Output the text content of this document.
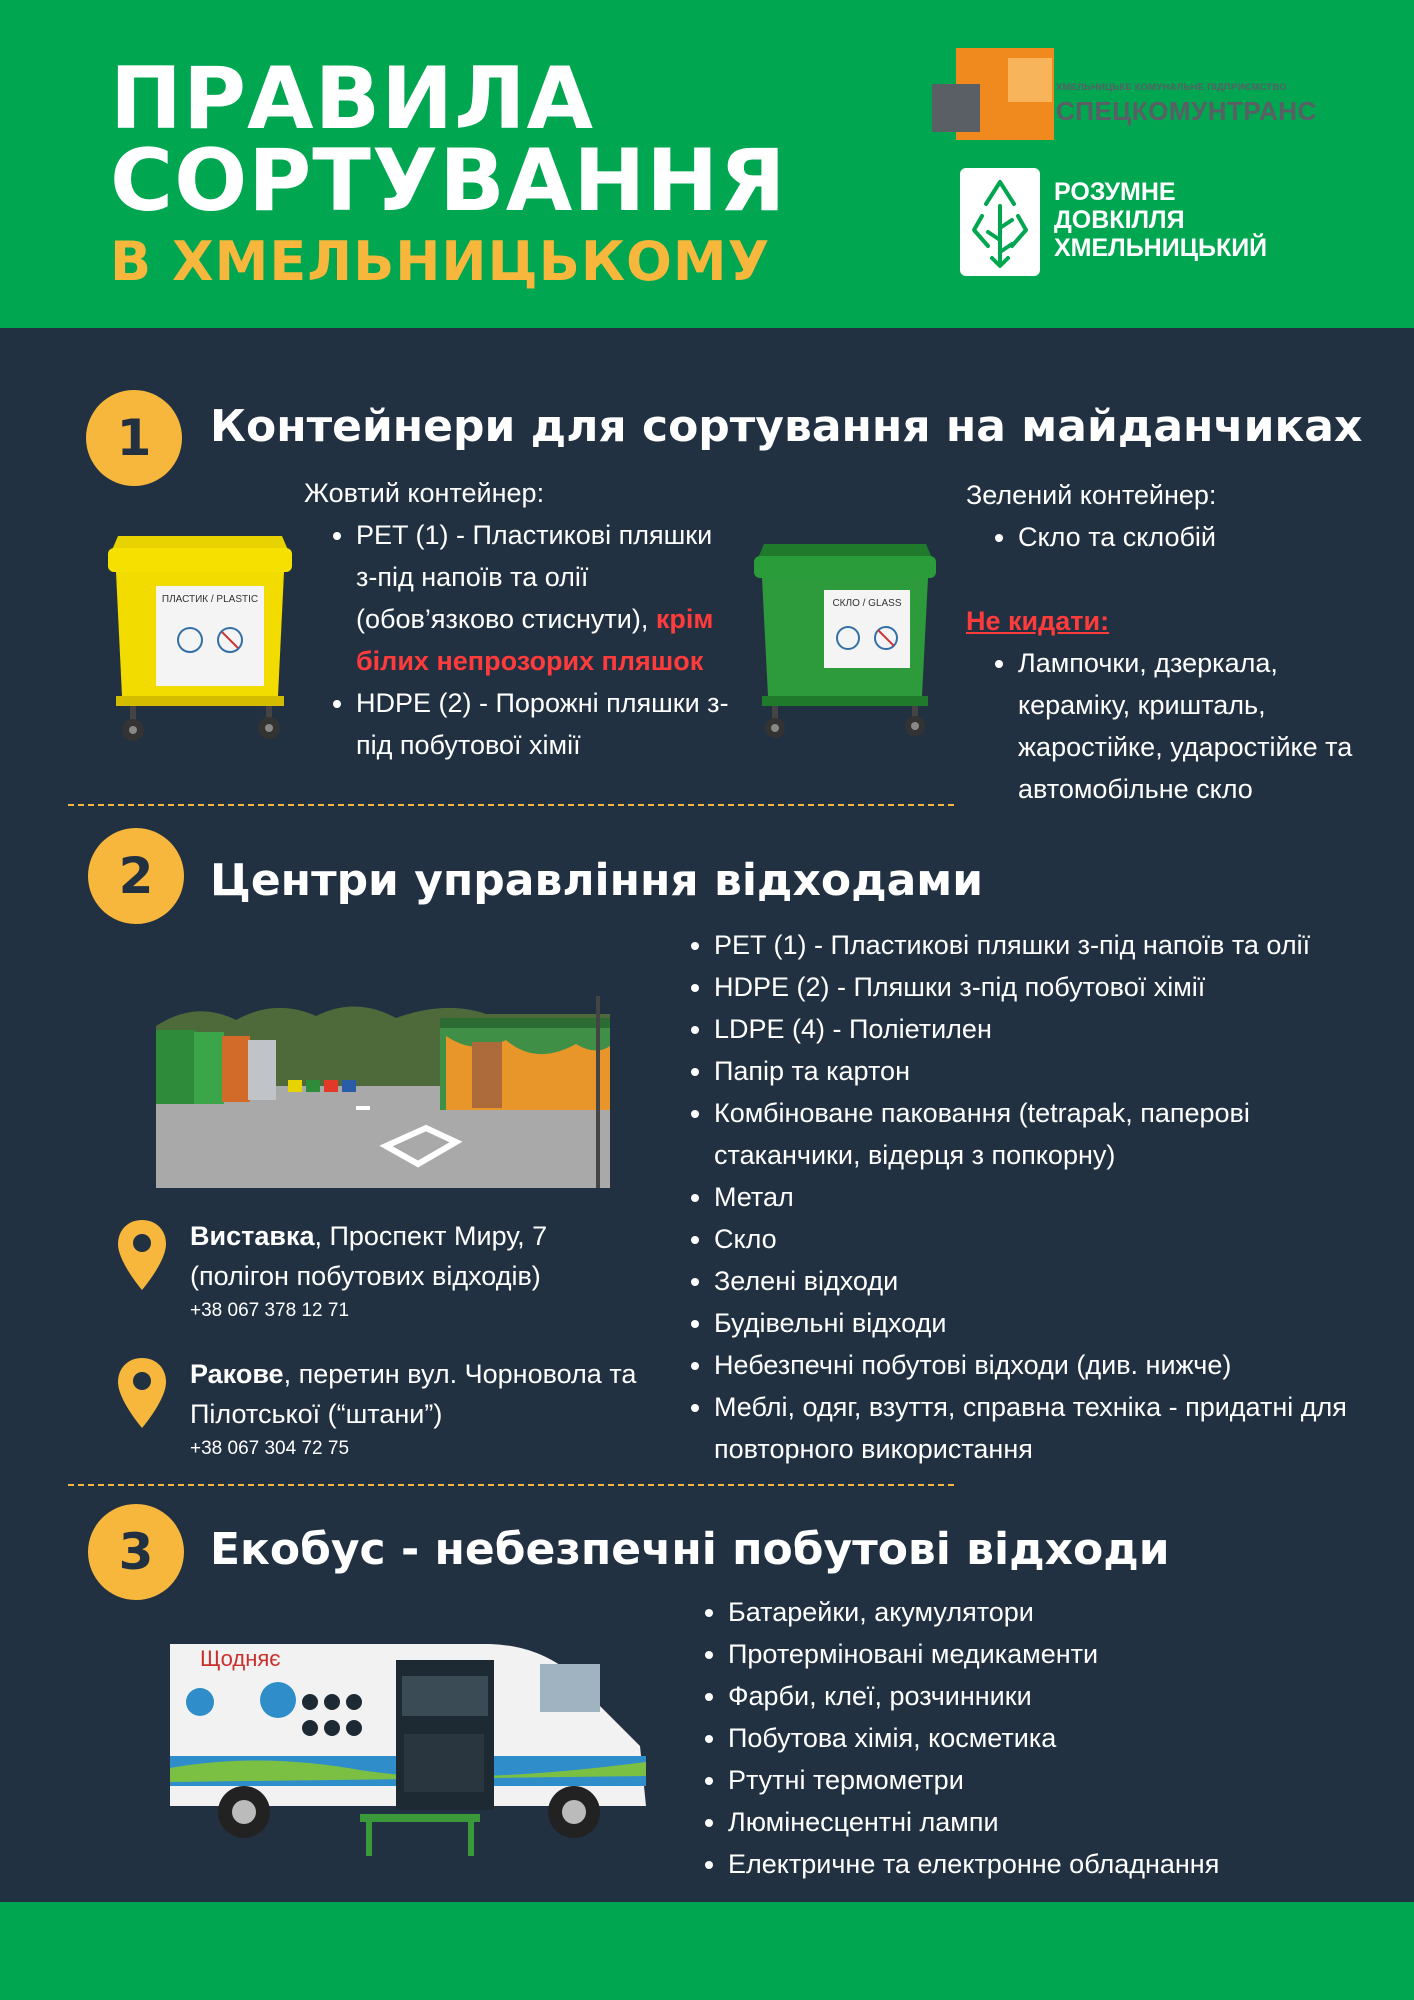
ПРАВИЛА
СОРТУВАННЯ
В ХМЕЛЬНИЦЬКОМУ
ХМЕЛЬНИЦЬКЕ КОМУНАЛЬНЕ ПІДПРИЄМСТВО
СПЕЦКОМУНТРАНС
РОЗУМНЕ
ДОВКІЛЛЯ
ХМЕЛЬНИЦЬКИЙ
1	Контейнери для сортування на майданчиках
ПЛАСТИК / PLASTIC
Жовтий контейнер:
• PET (1) - Пластикові пляшки з-під напоїв та олії (обов’язково стиснути), крім білих непрозорих пляшок
• HDPE (2) - Порожні пляшки з-під побутової хімії
СКЛО / GLASS
Зелений контейнер:
• Скло та склобій
Не кидати:
• Лампочки, дзеркала, кераміку, кришталь, жаростійке, ударостійке та автомобільне скло
2	Центри управління відходами
Виставка, Проспект Миру, 7 (полігон побутових відходів)
+38 067 378 12 71
Ракове, перетин вул. Чорновола та Пілотської (“штани”)
+38 067 304 72 75
• PET (1) - Пластикові пляшки з-під напоїв та олії
• HDPE (2) - Пляшки з-під побутової хімії
• LDPE (4) - Поліетилен
• Папір та картон
• Комбіноване паковання (tetrapak, паперові стаканчики, відерця з попкорну)
• Метал
• Скло
• Зелені відходи
• Будівельні відходи
• Небезпечні побутові відходи (див. нижче)
• Меблі, одяг, взуття, справна техніка - придатні для повторного використання
3	Екобус - небезпечні побутові відходи
Щодняє
• Батарейки, акумулятори
• Протерміновані медикаменти
• Фарби, клеї, розчинники
• Побутова хімія, косметика
• Ртутні термометри
• Люмінесцентні лампи
• Електричне та електронне обладнання
